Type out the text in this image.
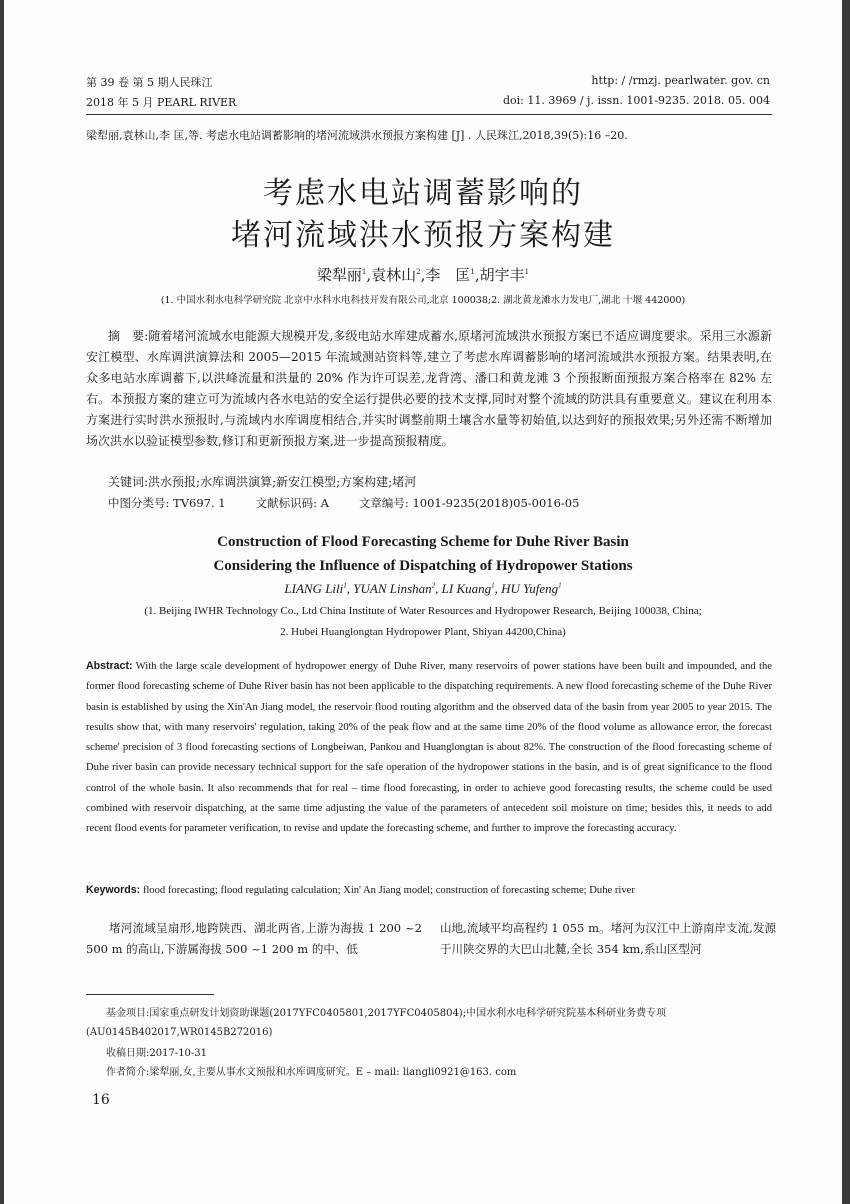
第 39 卷 第 5 期人民珠江
2018 年 5 月 PEARL RIVER
http: / /rmzj. pearlwater. gov. cn
doi: 11. 3969 / j. issn. 1001-9235. 2018. 05. 004
梁犁丽,袁林山,李 匡,等. 考虑水电站调蓄影响的堵河流域洪水预报方案构建 [J] . 人民珠江,2018,39(5):16 –20.
考虑水电站调蓄影响的
堵河流域洪水预报方案构建
梁犁丽$^1$,袁林山$^2$,李　匡$^1$,胡宇丰$^1$
(1. 中国水利水电科学研究院 北京中水科水电科技开发有限公司,北京 100038;2. 湖北黄龙滩水力发电厂,湖北 十堰 442000)

摘　要:随着堵河流域水电能源大规模开发,多级电站水库建成蓄水,原堵河流域洪水预报方案已不适应调度要求。采用三水源新安江模型、水库调洪演算法和 2005—2015 年流域测站资料等,建立了考虑水库调蓄影响的堵河流域洪水预报方案。结果表明,在众多电站水库调蓄下,以洪峰流量和洪量的 20% 作为许可误差,龙背湾、潘口和黄龙滩 3 个预报断面预报方案合格率在 82% 左右。本预报方案的建立可为流域内各水电站的安全运行提供必要的技术支撑,同时对整个流域的防洪具有重要意义。建议在利用本方案进行实时洪水预报时,与流域内水库调度相结合,并实时调整前期土壤含水量等初始值,以达到好的预报效果;另外还需不断增加场次洪水以验证模型参数,修订和更新预报方案,进一步提高预报精度。

关键词:洪水预报;水库调洪演算;新安江模型;方案构建;堵河

中图分类号: TV697. 1	文献标识码: A	文章编号: 1001-9235(2018)05-0016-05

Construction of Flood Forecasting Scheme for Duhe River Basin
Considering the Influence of Dispatching of Hydropower Stations
LIANG Lili$^1$, YUAN Linshan$^2$, LI Kuang$^1$, HU Yufeng$^1$
(1. Beijing IWHR Technology Co., Ltd China Institute of Water Resources and Hydropower Research, Beijing 100038, China;
2. Hubei Huanglongtan Hydropower Plant, Shiyan 44200,China)
Abstract: With the large scale development of hydropower energy of Duhe River, many reservoirs of power stations have been built and impounded, and the former flood forecasting scheme of Duhe River basin has not been applicable to the dispatching requirements. A new flood forecasting scheme of the Duhe River basin is established by using the Xin'An Jiang model, the reservoir flood routing algorithm and the observed data of the basin from year 2005 to year 2015. The results show that, with many reservoirs' regulation, taking 20% of the peak flow and at the same time 20% of the flood volume as allowance error, the forecast scheme' precision of 3 flood forecasting sections of Longbeiwan, Pankou and Huanglongtan is about 82%. The construction of the flood forecasting scheme of Duhe river basin can provide necessary technical support for the safe operation of the hydropower stations in the basin, and is of great significance to the flood control of the whole basin. It also recommends that for real – time flood forecasting, in order to achieve good forecasting results, the scheme could be used combined with reservoir dispatching, at the same time adjusting the value of the parameters of antecedent soil moisture on time; besides this, it needs to add recent flood events for parameter verification, to revise and update the forecasting scheme, and further to improve the forecasting accuracy.
Keywords: flood forecasting; flood regulating calculation; Xin' An Jiang model; construction of forecasting scheme; Duhe river
堵河流域呈扇形,地跨陕西、湖北两省,上游为海拔 1 200 ~2 500 m 的高山,下游属海拔 500 ~1 200 m 的中、低
山地,流域平均高程约 1 055 m。堵河为汉江中上游南岸支流,发源于川陕交界的大巴山北麓,全长 354 km,系山区型河
基金项目:国家重点研发计划资助课题(2017YFC0405801,2017YFC0405804);中国水利水电科学研究院基本科研业务费专项(AU0145B402017,WR0145B272016)
收稿日期:2017-10-31
作者简介:梁犁丽,女,主要从事水文预报和水库调度研究。E – mail: liangli0921@163. com
16
